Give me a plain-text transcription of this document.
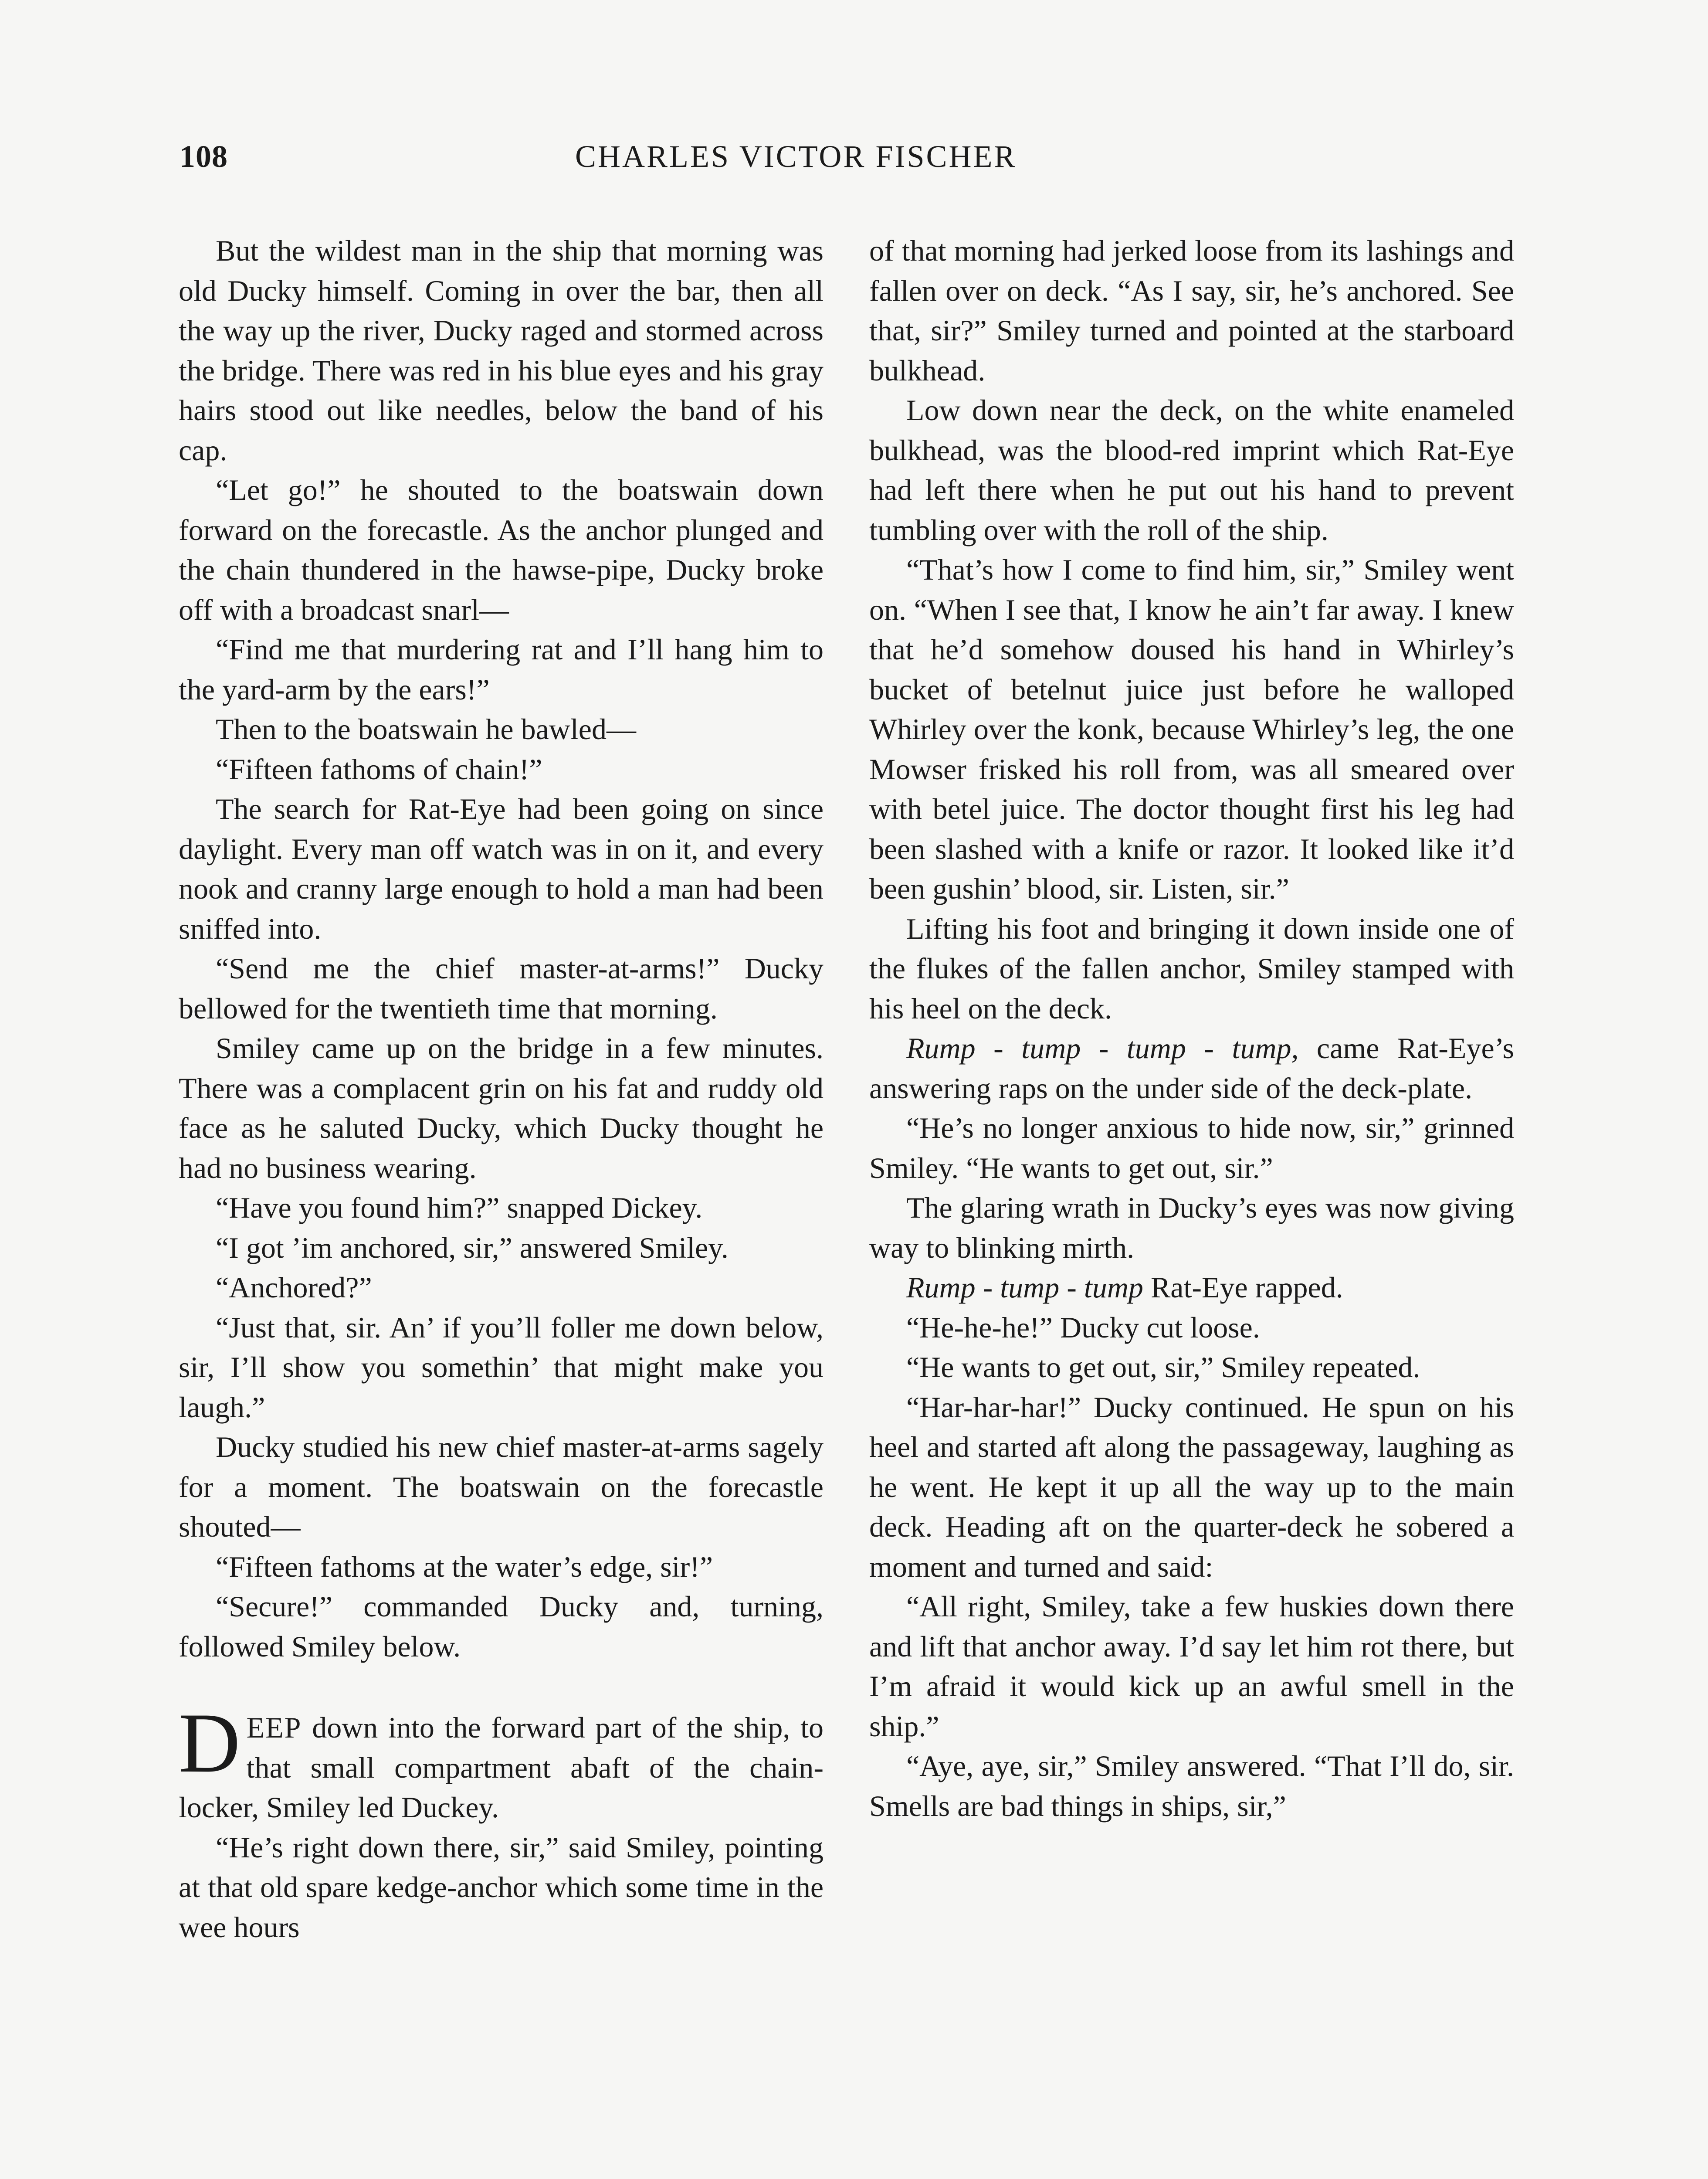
108	CHARLES VICTOR FISCHER

But the wildest man in the ship that morning was old Ducky himself. Coming in over the bar, then all the way up the river, Ducky raged and stormed across the bridge. There was red in his blue eyes and his gray hairs stood out like needles, below the band of his cap.

“Let go!” he shouted to the boatswain down forward on the forecastle. As the anchor plunged and the chain thundered in the hawse-pipe, Ducky broke off with a broadcast snarl—

“Find me that murdering rat and I’ll hang him to the yard-arm by the ears!”

Then to the boatswain he bawled—

“Fifteen fathoms of chain!”

The search for Rat-Eye had been going on since daylight. Every man off watch was in on it, and every nook and cranny large enough to hold a man had been sniffed into.

“Send me the chief master-at-arms!” Ducky bellowed for the twentieth time that morning.

Smiley came up on the bridge in a few minutes. There was a complacent grin on his fat and ruddy old face as he saluted Ducky, which Ducky thought he had no business wearing.

“Have you found him?” snapped Dickey.

“I got ’im anchored, sir,” answered Smiley.

“Anchored?”

“Just that, sir. An’ if you’ll foller me down below, sir, I’ll show you somethin’ that might make you laugh.”

Ducky studied his new chief master-at-arms sagely for a moment. The boatswain on the forecastle shouted—

“Fifteen fathoms at the water’s edge, sir!”

“Secure!” commanded Ducky and, turning, followed Smiley below.

DEEP down into the forward part of the ship, to that small compartment abaft of the chain-locker, Smiley led Duckey.

“He’s right down there, sir,” said Smiley, pointing at that old spare kedge-anchor which some time in the wee hours

of that morning had jerked loose from its lashings and fallen over on deck. “As I say, sir, he’s anchored. See that, sir?” Smiley turned and pointed at the starboard bulkhead.

Low down near the deck, on the white enameled bulkhead, was the blood-red imprint which Rat-Eye had left there when he put out his hand to prevent tumbling over with the roll of the ship.

“That’s how I come to find him, sir,” Smiley went on. “When I see that, I know he ain’t far away. I knew that he’d somehow doused his hand in Whirley’s bucket of betelnut juice just before he walloped Whirley over the konk, because Whirley’s leg, the one Mowser frisked his roll from, was all smeared over with betel juice. The doctor thought first his leg had been slashed with a knife or razor. It looked like it’d been gushin’ blood, sir. Listen, sir.”

Lifting his foot and bringing it down inside one of the flukes of the fallen anchor, Smiley stamped with his heel on the deck.

Rump - tump - tump - tump, came Rat-Eye’s answering raps on the under side of the deck-plate.

“He’s no longer anxious to hide now, sir,” grinned Smiley. “He wants to get out, sir.”

The glaring wrath in Ducky’s eyes was now giving way to blinking mirth.

Rump - tump - tump Rat-Eye rapped.

“He-he-he!” Ducky cut loose.

“He wants to get out, sir,” Smiley repeated.

“Har-har-har!” Ducky continued. He spun on his heel and started aft along the passageway, laughing as he went. He kept it up all the way up to the main deck. Heading aft on the quarter-deck he sobered a moment and turned and said:

“All right, Smiley, take a few huskies down there and lift that anchor away. I’d say let him rot there, but I’m afraid it would kick up an awful smell in the ship.”

“Aye, aye, sir,” Smiley answered. “That I’ll do, sir. Smells are bad things in ships, sir,”
